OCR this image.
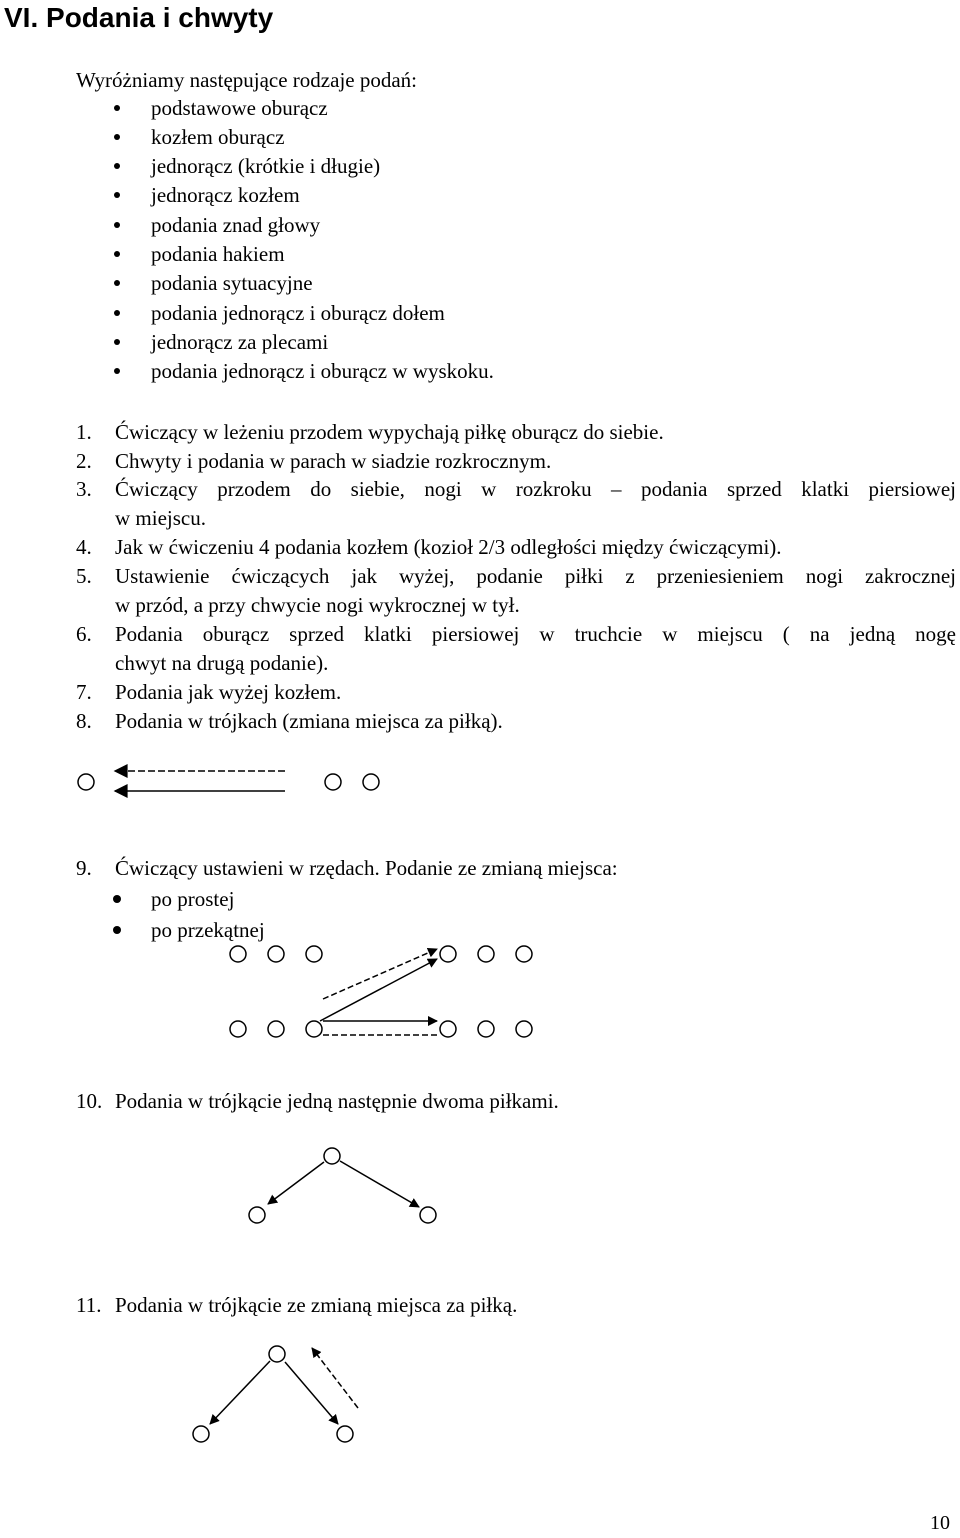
VI. Podania i chwyty
Wyróżniamy następujące rodzaje podań:
podstawowe oburącz
kozłem oburącz
jednorącz (krótkie i długie)
jednorącz kozłem
podania znad głowy
podania hakiem
podania sytuacyjne
podania jednorącz i oburącz dołem
jednorącz za plecami
podania jednorącz i oburącz w wyskoku.
1. Ćwiczący w leżeniu przodem wypychają piłkę oburącz do siebie.
2. Chwyty i podania w parach w siadzie rozkrocznym.
3. Ćwiczący przodem do siebie, nogi w rozkroku – podania sprzed klatki piersiowej
w miejscu.
4. Jak w ćwiczeniu 4 podania kozłem (kozioł 2/3 odległości między ćwiczącymi).
5. Ustawienie ćwiczących jak wyżej, podanie piłki z przeniesieniem nogi zakrocznej
w przód, a przy chwycie nogi wykrocznej w tył.
6. Podania oburącz sprzed klatki piersiowej w truchcie w miejscu ( na jedną nogę
chwyt na drugą podanie).
7. Podania jak wyżej kozłem.
8. Podania w trójkach (zmiana miejsca za piłką).
9. Ćwiczący ustawieni w rzędach. Podanie ze zmianą miejsca:
po prostej
po przekątnej
10. Podania w trójkącie jedną następnie dwoma piłkami.
11. Podania w trójkącie ze zmianą miejsca za piłką.
10
